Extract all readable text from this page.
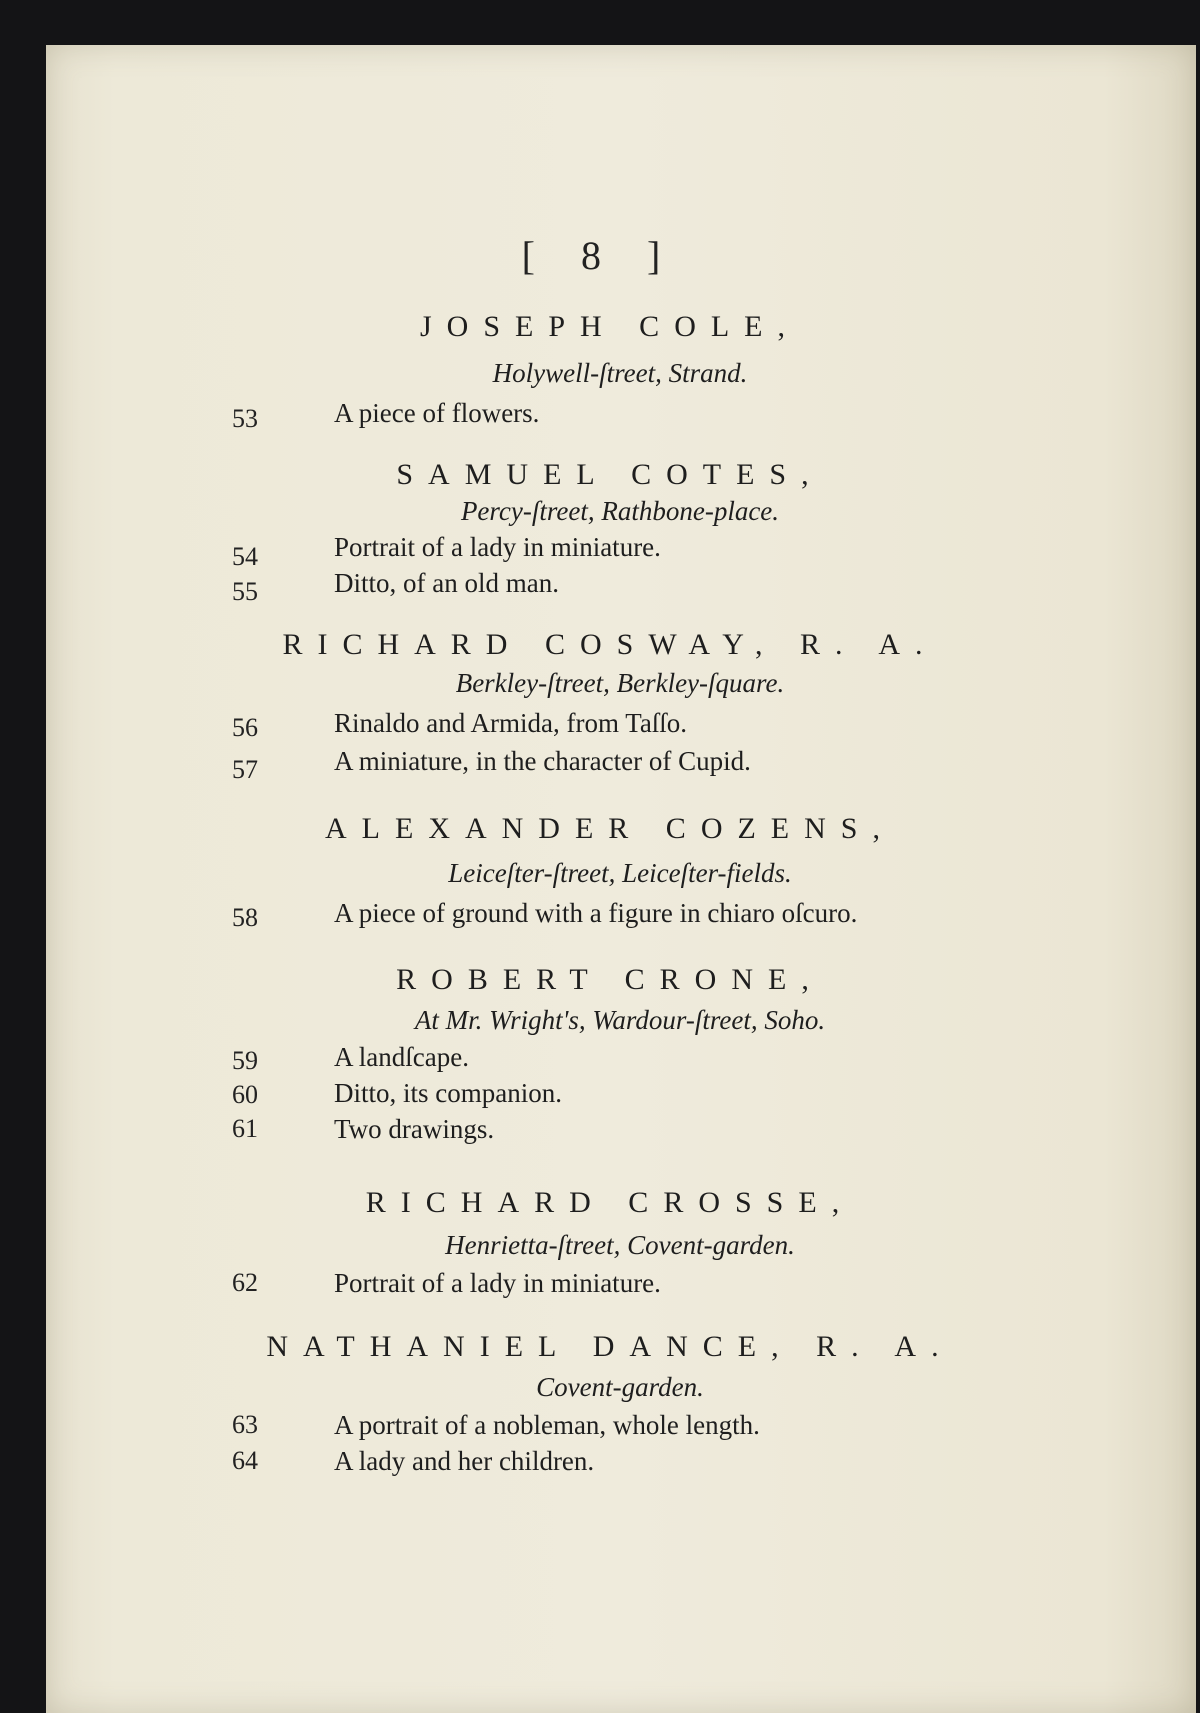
[ 8 ]
JOSEPH COLE,
Holywell-ſtreet, Strand.
53	A piece of flowers.
SAMUEL COTES,
Percy-ſtreet, Rathbone-place.
54	Portrait of a lady in miniature.
55	Ditto, of an old man.
RICHARD COSWAY, R. A.
Berkley-ſtreet, Berkley-ſquare.
56	Rinaldo and Armida, from Taſſo.
57	A miniature, in the character of Cupid.
ALEXANDER COZENS,
Leiceſter-ſtreet, Leiceſter-fields.
58	A piece of ground with a figure in chiaro oſcuro.
ROBERT CRONE,
At Mr. Wright's, Wardour-ſtreet, Soho.
59	A landſcape.
60	Ditto, its companion.
61	Two drawings.
RICHARD CROSSE,
Henrietta-ſtreet, Covent-garden.
62	Portrait of a lady in miniature.
NATHANIEL DANCE, R. A.
Covent-garden.
63	A portrait of a nobleman, whole length.
64	A lady and her children.
